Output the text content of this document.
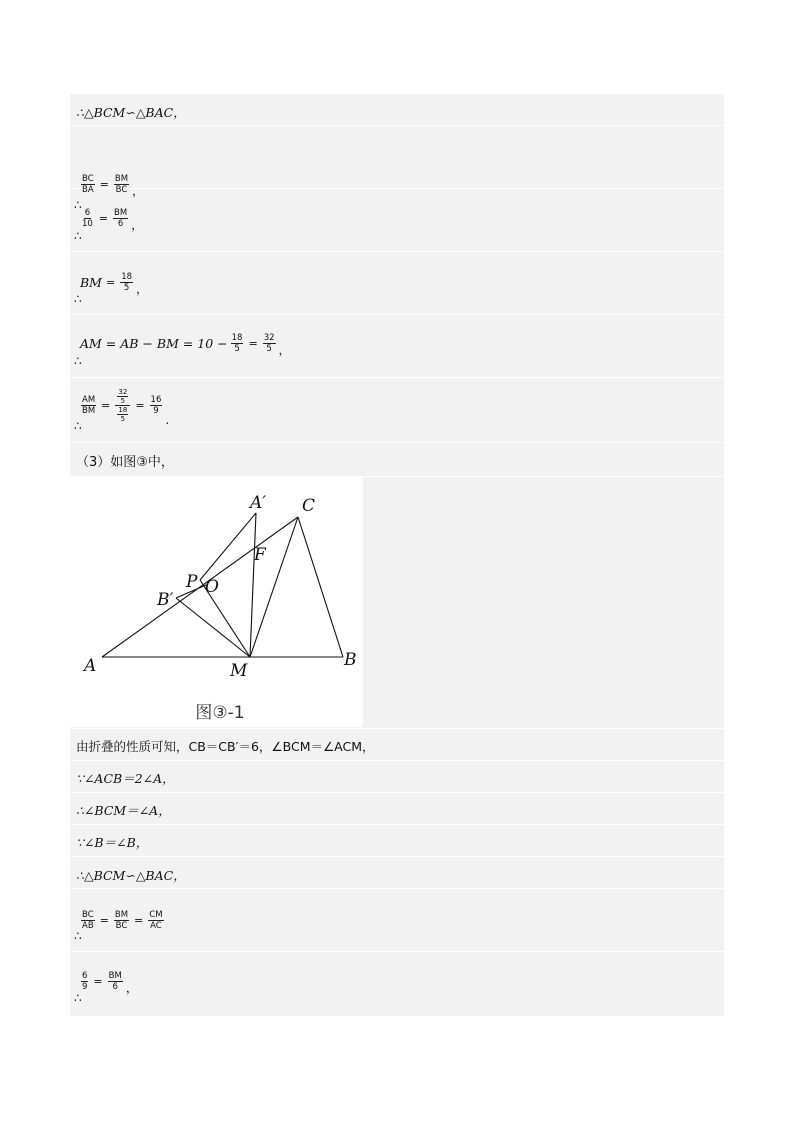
∴△BCM∽△BAC，
$\frac{BC}{BA} = \frac{BM}{BC}$ ，
∴
$\frac{6}{10} = \frac{BM}{6}$ ，
∴
BM = $\frac{18}{5}$ ，
∴
AM = AB − BM = $10 - \frac{18}{5} = \frac{32}{5}$ ，
∴
$\frac{AM}{BM} = \frac{\frac{32}{5}}{\frac{18}{5}} = \frac{16}{9}$
.
∴
（3）如图③中，
A	B
C
M
A′
B′
P O
F
图③-1
由折叠的性质可知，CB＝CB′＝6，∠BCM＝∠ACM，
∵∠ACB＝2∠A，
∴∠BCM＝∠A，
∵∠B＝∠B，
∴△BCM∽△BAC，
$\frac{BC}{AB} = \frac{BM}{BC} = \frac{CM}{AC}$
∴
$\frac{6}{9} = \frac{BM}{6}$ ，
∴
